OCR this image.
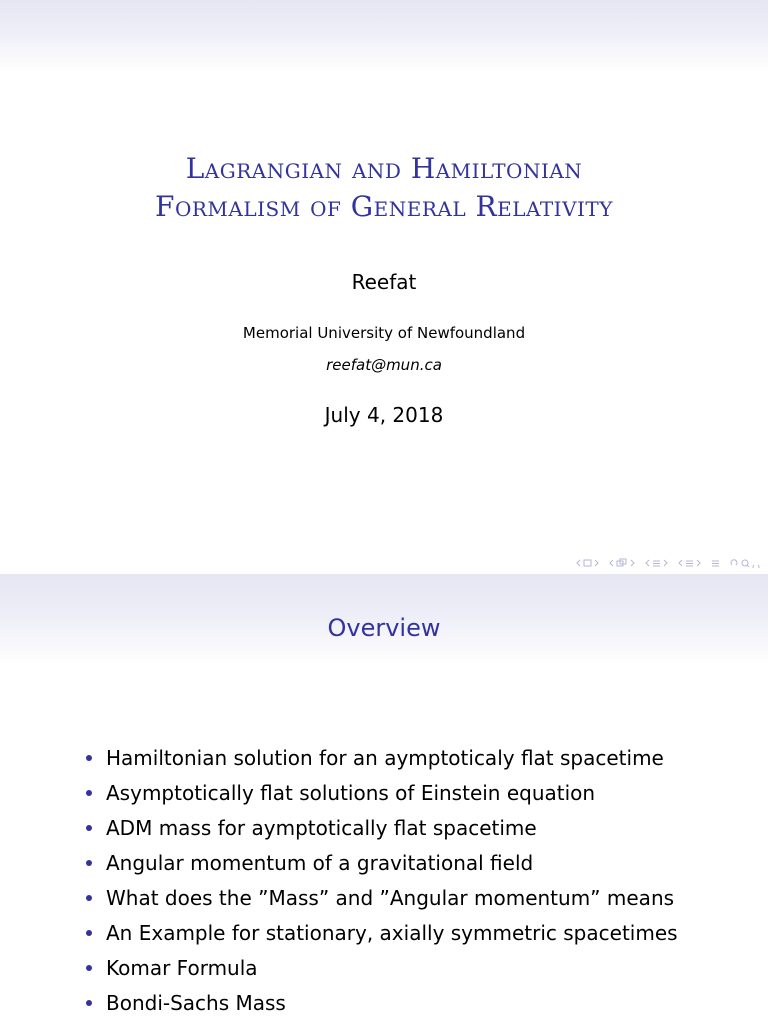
Lagrangian and Hamiltonian
Formalism of General Relativity
Reefat
Memorial University of Newfoundland
reefat@mun.ca
July 4, 2018
Overview
Hamiltonian solution for an aymptoticaly flat spacetime
Asymptotically flat solutions of Einstein equation
ADM mass for aymptotically flat spacetime
Angular momentum of a gravitational field
What does the ”Mass” and ”Angular momentum” means
An Example for stationary, axially symmetric spacetimes
Komar Formula
Bondi-Sachs Mass
